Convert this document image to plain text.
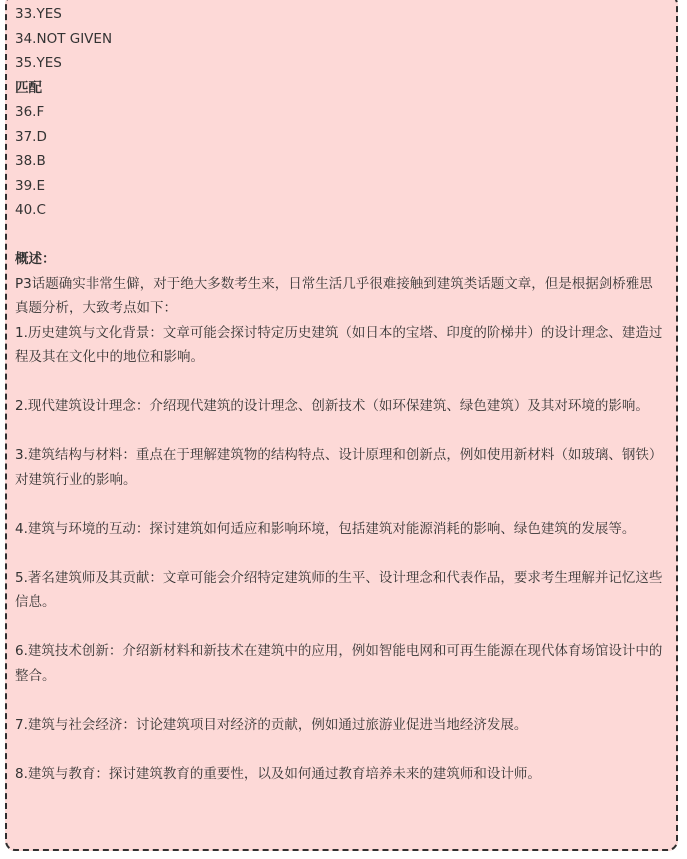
33.YES
34.NOT GIVEN
35.YES
匹配
36.F
37.D
38.B
39.E
40.C
概述：
P3话题确实非常生僻，对于绝大多数考生来，日常生活几乎很难接触到建筑类话题文章，但是根据剑桥雅思真题分析，大致考点如下：
1.历史建筑与文化背景：文章可能会探讨特定历史建筑（如日本的宝塔、印度的阶梯井）的设计理念、建造过程及其在文化中的地位和影响。
2.现代建筑设计理念：介绍现代建筑的设计理念、创新技术（如环保建筑、绿色建筑）及其对环境的影响。
3.建筑结构与材料：重点在于理解建筑物的结构特点、设计原理和创新点，例如使用新材料（如玻璃、钢铁）对建筑行业的影响。
4.建筑与环境的互动：探讨建筑如何适应和影响环境，包括建筑对能源消耗的影响、绿色建筑的发展等。
5.著名建筑师及其贡献：文章可能会介绍特定建筑师的生平、设计理念和代表作品，要求考生理解并记忆这些信息。
6.建筑技术创新：介绍新材料和新技术在建筑中的应用，例如智能电网和可再生能源在现代体育场馆设计中的整合。
7.建筑与社会经济：讨论建筑项目对经济的贡献，例如通过旅游业促进当地经济发展。
8.建筑与教育：探讨建筑教育的重要性，以及如何通过教育培养未来的建筑师和设计师。
